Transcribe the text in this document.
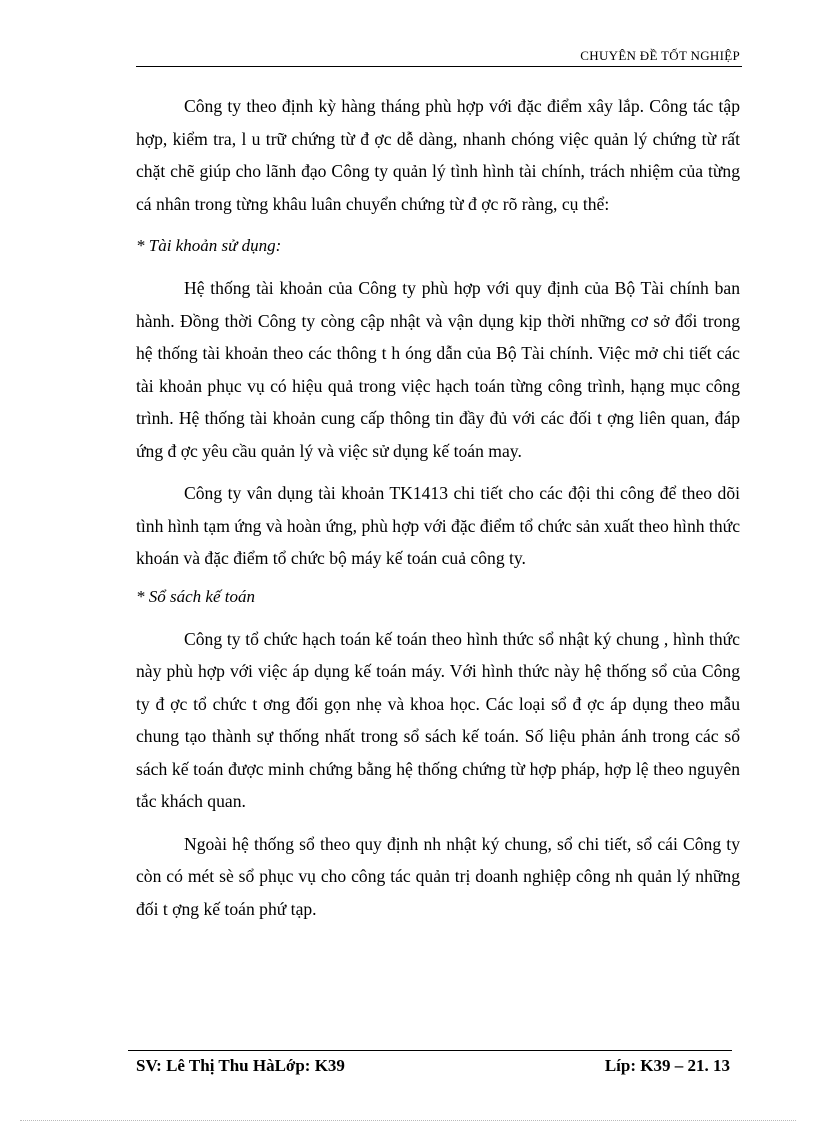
CHUYÊN ĐỀ TỐT NGHIỆP

Công ty theo định kỳ hàng tháng phù hợp với đặc điểm xây lắp. Công tác tập hợp, kiểm tra, l u trữ chứng từ đ ợc dễ dàng, nhanh chóng việc quản lý chứng từ rất chặt chẽ giúp cho lãnh đạo Công ty quản lý tình hình tài chính, trách nhiệm của từng cá nhân trong từng khâu luân chuyển chứng từ đ ợc rõ ràng, cụ thể:

* Tài khoản sử dụng:

Hệ thống tài khoản của Công ty phù hợp với quy định của Bộ Tài chính ban hành. Đồng thời Công ty còng cập nhật và vận dụng kịp thời những cơ sở đổi trong hệ thống tài khoản theo các thông t h óng dẫn của Bộ Tài chính. Việc mở chi tiết các tài khoản phục vụ có hiệu quả trong việc hạch toán từng công trình, hạng mục công trình. Hệ thống tài khoản cung cấp thông tin đầy đủ với các đối t ợng liên quan, đáp ứng đ ợc yêu cầu quản lý và việc sử dụng kế toán may.

Công ty vân dụng tài khoản TK1413 chi tiết cho các đội thi công để theo dõi tình hình tạm ứng và hoàn ứng, phù hợp với đặc điểm tổ chức sản xuất theo hình thức khoán và đặc điểm tổ chức bộ máy kế toán cuả công ty.

* Sổ sách kế toán

Công ty tổ chức hạch toán kế toán theo hình thức sổ nhật ký chung , hình thức này phù hợp với việc áp dụng kế toán máy. Với hình thức này hệ thống sổ của Công ty đ ợc tổ chức t ơng đối gọn nhẹ và khoa học. Các loại sổ đ ợc áp dụng theo mẫu chung tạo thành sự thống nhất trong sổ sách kế toán. Số liệu phản ánh trong các sổ sách kế toán được minh chứng bằng hệ thống chứng từ hợp pháp, hợp lệ theo nguyên tắc khách quan.

Ngoài hệ thống sổ theo quy định nh nhật ký chung, sổ chi tiết, sổ cái Công ty còn có mét sè sổ phục vụ cho công tác quản trị doanh nghiệp công nh quản lý những đối t ợng kế toán phứ tạp.

SV: Lê Thị Thu HàLớp: K39	Líp: K39 – 21. 13
